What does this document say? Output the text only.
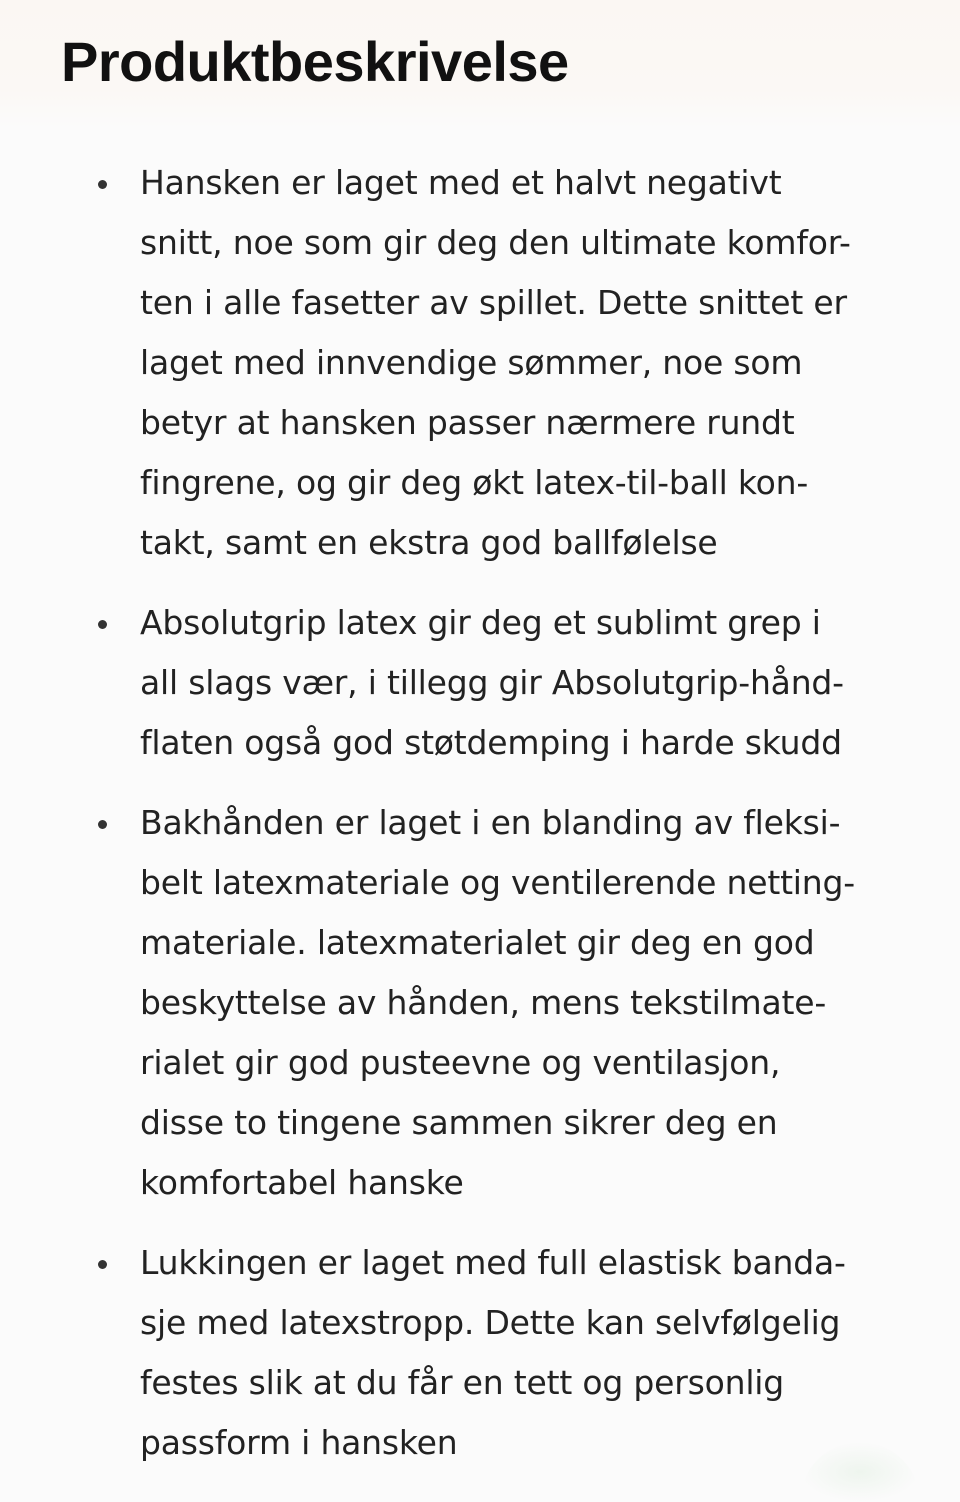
Produktbeskrivelse
Hansken er laget med et halvt negativt
snitt, noe som gir deg den ultimate komfor-
ten i alle fasetter av spillet. Dette snittet er
laget med innvendige sømmer, noe som
betyr at hansken passer nærmere rundt
fingrene, og gir deg økt latex-til-ball kon-
takt, samt en ekstra god ballfølelse
Absolutgrip latex gir deg et sublimt grep i
all slags vær, i tillegg gir Absolutgrip-hånd-
flaten også god støtdemping i harde skudd
Bakhånden er laget i en blanding av fleksi-
belt latexmateriale og ventilerende netting-
materiale. latexmaterialet gir deg en god
beskyttelse av hånden, mens tekstilmate-
rialet gir god pusteevne og ventilasjon,
disse to tingene sammen sikrer deg en
komfortabel hanske
Lukkingen er laget med full elastisk banda-
sje med latexstropp. Dette kan selvfølgelig
festes slik at du får en tett og personlig
passform i hansken
